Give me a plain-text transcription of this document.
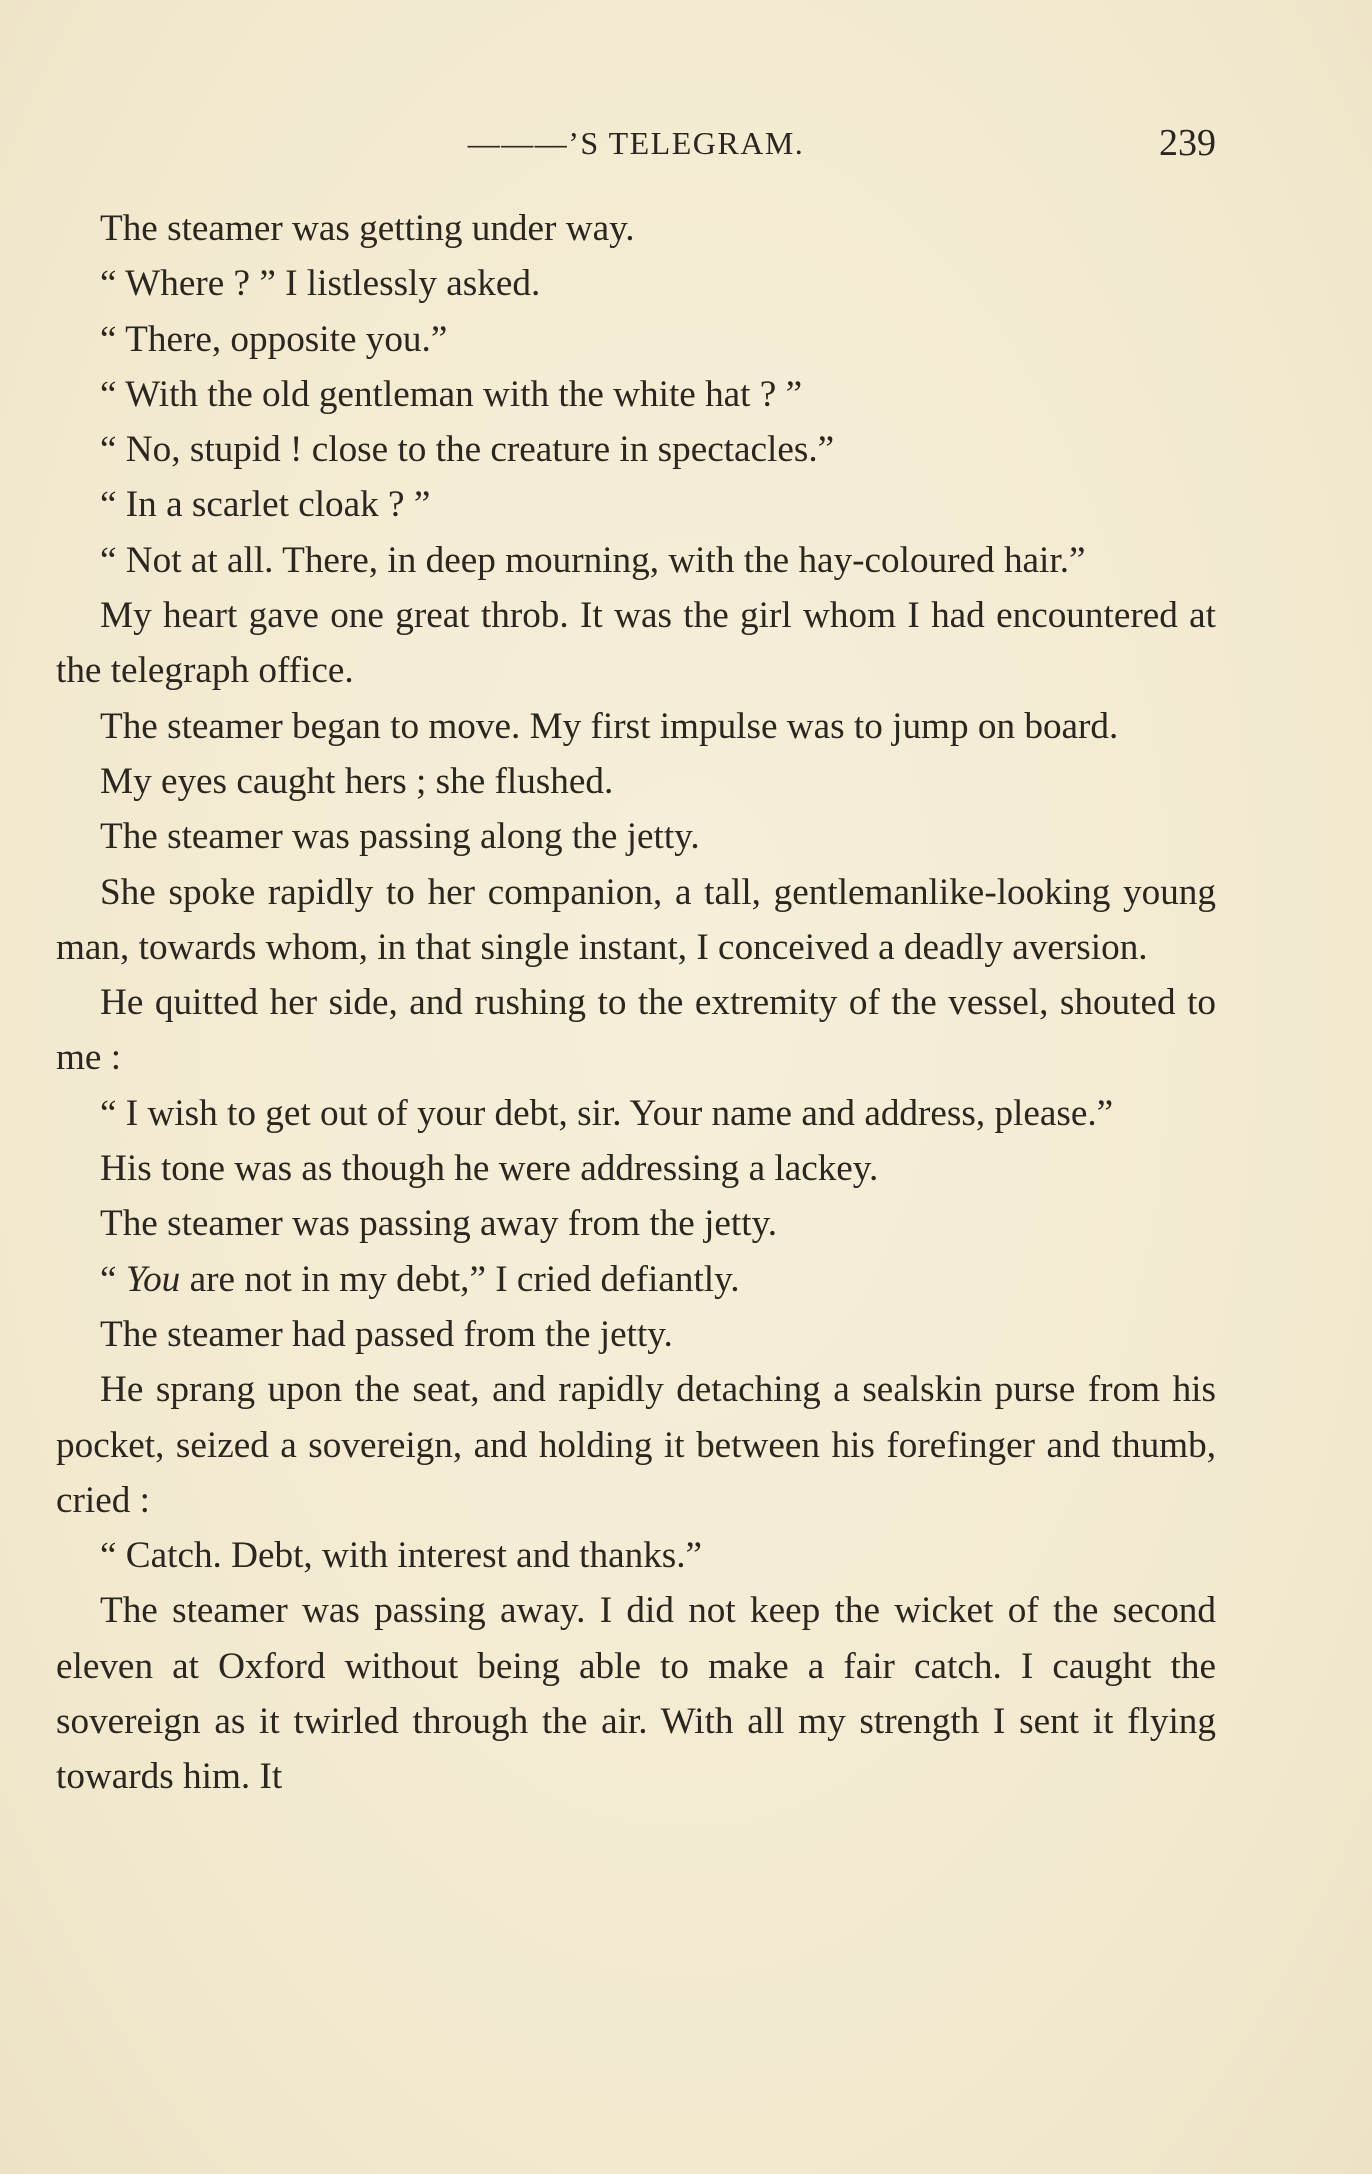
———’S TELEGRAM.	239

The steamer was getting under way.

“ Where ? ” I listlessly asked.

“ There, opposite you.”

“ With the old gentleman with the white hat ? ”

“ No, stupid ! close to the creature in spectacles.”

“ In a scarlet cloak ? ”

“ Not at all. There, in deep mourning, with the hay-coloured hair.”

My heart gave one great throb. It was the girl whom I had encountered at the telegraph office.

The steamer began to move. My first impulse was to jump on board.

My eyes caught hers ; she flushed.

The steamer was passing along the jetty.

She spoke rapidly to her companion, a tall, gentlemanlike-looking young man, towards whom, in that single instant, I conceived a deadly aversion.

He quitted her side, and rushing to the extremity of the vessel, shouted to me :

“ I wish to get out of your debt, sir. Your name and address, please.”

His tone was as though he were addressing a lackey.

The steamer was passing away from the jetty.

“ You are not in my debt,” I cried defiantly.

The steamer had passed from the jetty.

He sprang upon the seat, and rapidly detaching a sealskin purse from his pocket, seized a sovereign, and holding it between his forefinger and thumb, cried :

“ Catch. Debt, with interest and thanks.”

The steamer was passing away. I did not keep the wicket of the second eleven at Oxford without being able to make a fair catch. I caught the sovereign as it twirled through the air. With all my strength I sent it flying towards him. It
